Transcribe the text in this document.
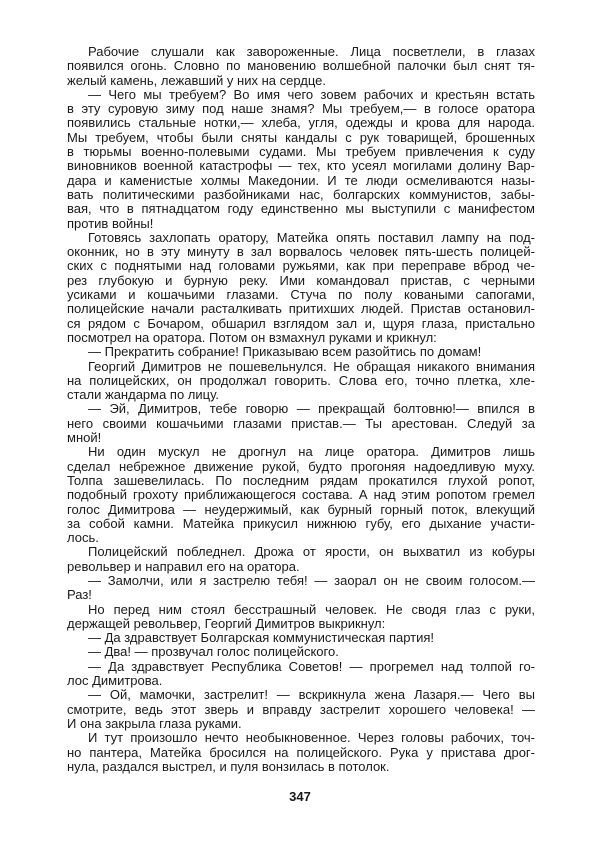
Рабочие слушали как завороженные. Лица посветлели, в глазах
появился огонь. Словно по мановению волшебной палочки был снят тя-
желый камень, лежавший у них на сердце.
— Чего мы требуем? Во имя чего зовем рабочих и крестьян встать
в эту суровую зиму под наше знамя? Мы требуем,— в голосе оратора
появились стальные нотки,— хлеба, угля, одежды и крова для народа.
Мы требуем, чтобы были сняты кандалы с рук товарищей, брошенных
в тюрьмы военно-полевыми судами. Мы требуем привлечения к суду
виновников военной катастрофы — тех, кто усеял могилами долину Вар-
дара и каменистые холмы Македонии. И те люди осмеливаются назы-
вать политическими разбойниками нас, болгарских коммунистов, забы-
вая, что в пятнадцатом году единственно мы выступили с манифестом
против войны!
Готовясь захлопать оратору, Матейка опять поставил лампу на под-
оконник, но в эту минуту в зал ворвалось человек пять-шесть полицей-
ских с поднятыми над головами ружьями, как при переправе вброд че-
рез глубокую и бурную реку. Ими командовал пристав, с черными
усиками и кошачьими глазами. Стуча по полу коваными сапогами,
полицейские начали расталкивать притихших людей. Пристав остановил-
ся рядом с Бочаром, обшарил взглядом зал и, щуря глаза, пристально
посмотрел на оратора. Потом он взмахнул руками и крикнул:
— Прекратить собрание! Приказываю всем разойтись по домам!
Георгий Димитров не пошевельнулся. Не обращая никакого внимания
на полицейских, он продолжал говорить. Слова его, точно плетка, хле-
стали жандарма по лицу.
— Эй, Димитров, тебе говорю — прекращай болтовню!— впился в
него своими кошачьими глазами пристав.— Ты арестован. Следуй за
мной!
Ни один мускул не дрогнул на лице оратора. Димитров лишь
сделал небрежное движение рукой, будто прогоняя надоедливую муху.
Толпа зашевелилась. По последним рядам прокатился глухой ропот,
подобный грохоту приближающегося состава. А над этим ропотом гремел
голос Димитрова — неудержимый, как бурный горный поток, влекущий
за собой камни. Матейка прикусил нижнюю губу, его дыхание участи-
лось.
Полицейский побледнел. Дрожа от ярости, он выхватил из кобуры
револьвер и направил его на оратора.
— Замолчи, или я застрелю тебя! — заорал он не своим голосом.—
Раз!
Но перед ним стоял бесстрашный человек. Не сводя глаз с руки,
держащей револьвер, Георгий Димитров выкрикнул:
— Да здравствует Болгарская коммунистическая партия!
— Два! — прозвучал голос полицейского.
— Да здравствует Республика Советов! — прогремел над толпой го-
лос Димитрова.
— Ой, мамочки, застрелит! — вскрикнула жена Лазаря.— Чего вы
смотрите, ведь этот зверь и вправду застрелит хорошего человека! —
И она закрыла глаза руками.
И тут произошло нечто необыкновенное. Через головы рабочих, точ-
но пантера, Матейка бросился на полицейского. Рука у пристава дрог-
нула, раздался выстрел, и пуля вонзилась в потолок.
347
